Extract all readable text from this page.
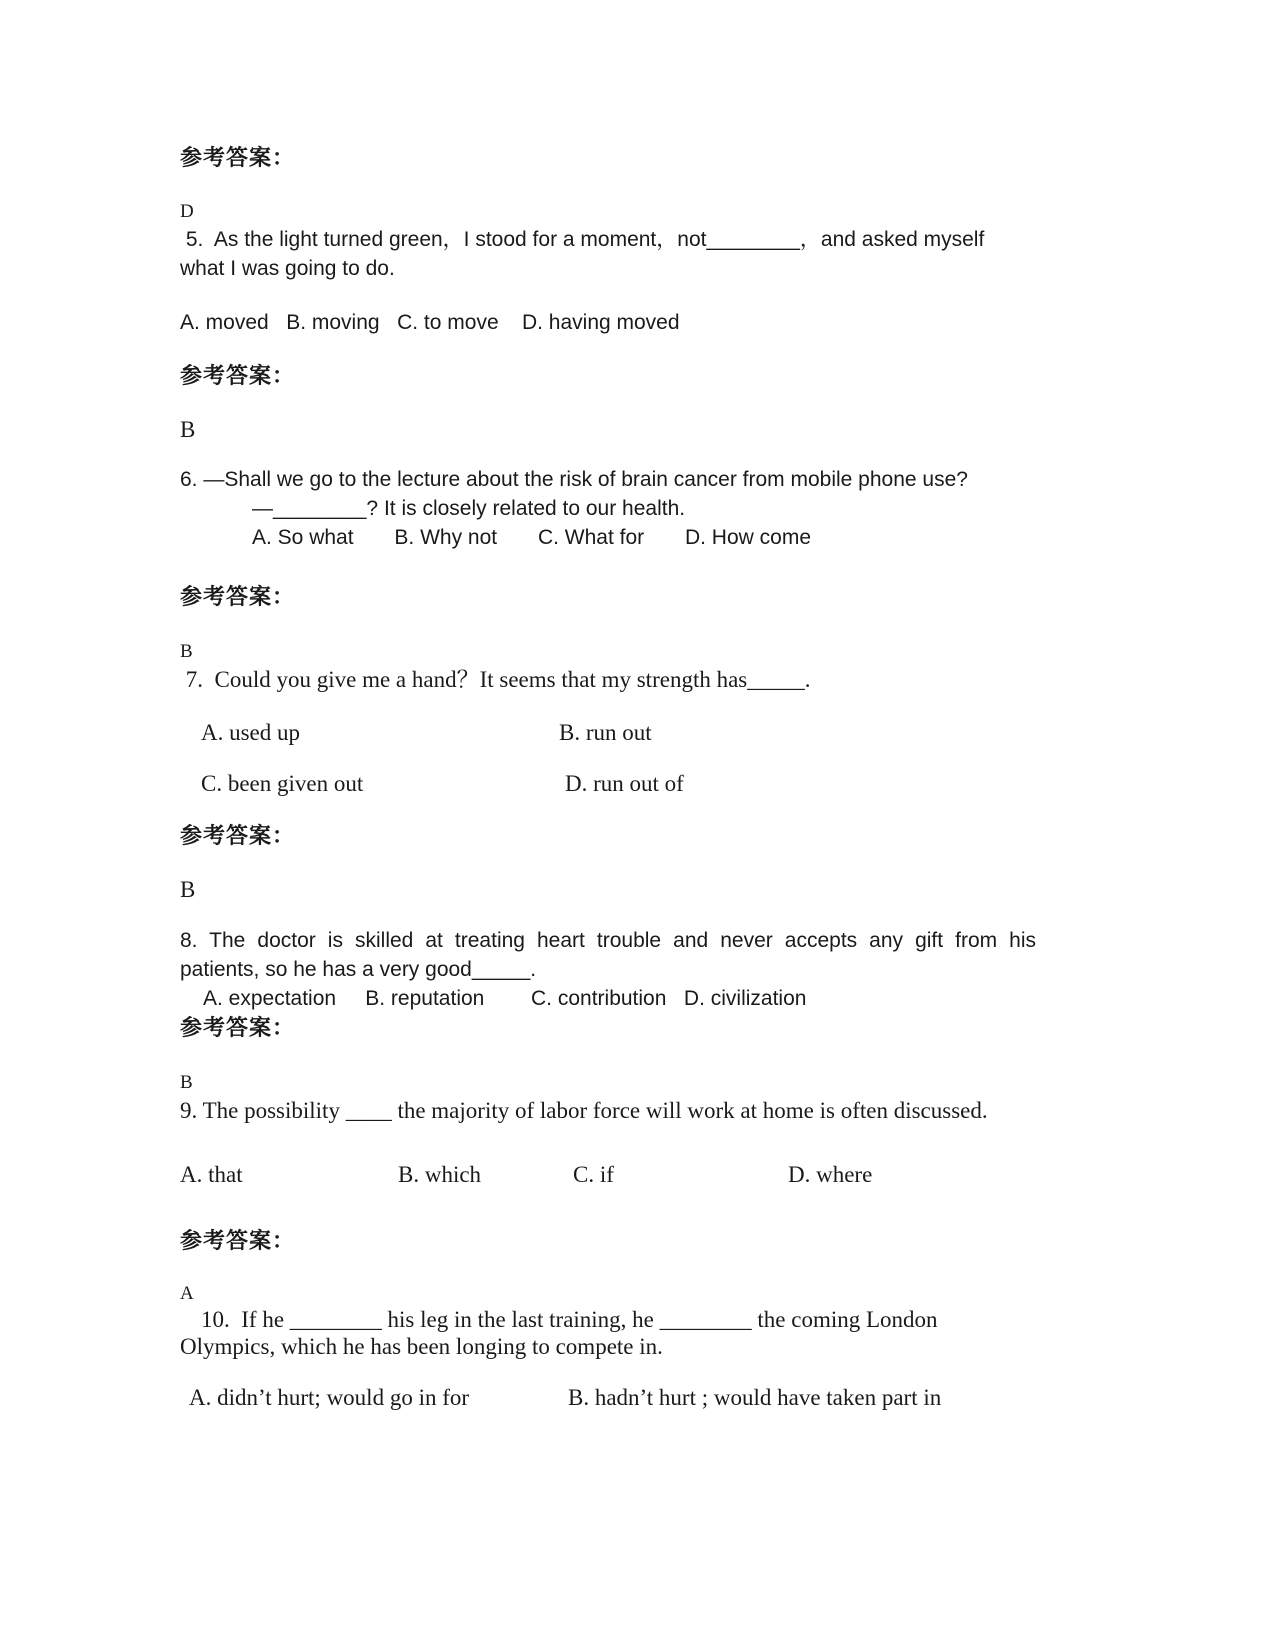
参考答案：
D
5.  As the light turned green，I stood for a moment，not________，and asked myself
what I was going to do.
A. moved   B. moving   C. to move    D. having moved
参考答案：
B
6. —Shall we go to the lecture about the risk of brain cancer from mobile phone use?
—________? It is closely related to our health.
A. So what       B. Why not       C. What for       D. How come
参考答案：
B
7.  Could you give me a hand？It seems that my strength has_____.
A. used up	B. run out
C. been given out	D. run out of
参考答案：
B
8. The doctor is skilled at treating heart trouble and never accepts any gift from his
patients, so he has a very good_____.
A. expectation     B. reputation        C. contribution   D. civilization
参考答案：
B
9. The possibility ____ the majority of labor force will work at home is often discussed.
A. that	B. which	C. if	D. where
参考答案：
A
10.  If he ________ his leg in the last training, he ________ the coming London
Olympics, which he has been longing to compete in.
A. didn’t hurt; would go in for	B. hadn’t hurt ; would have taken part in
